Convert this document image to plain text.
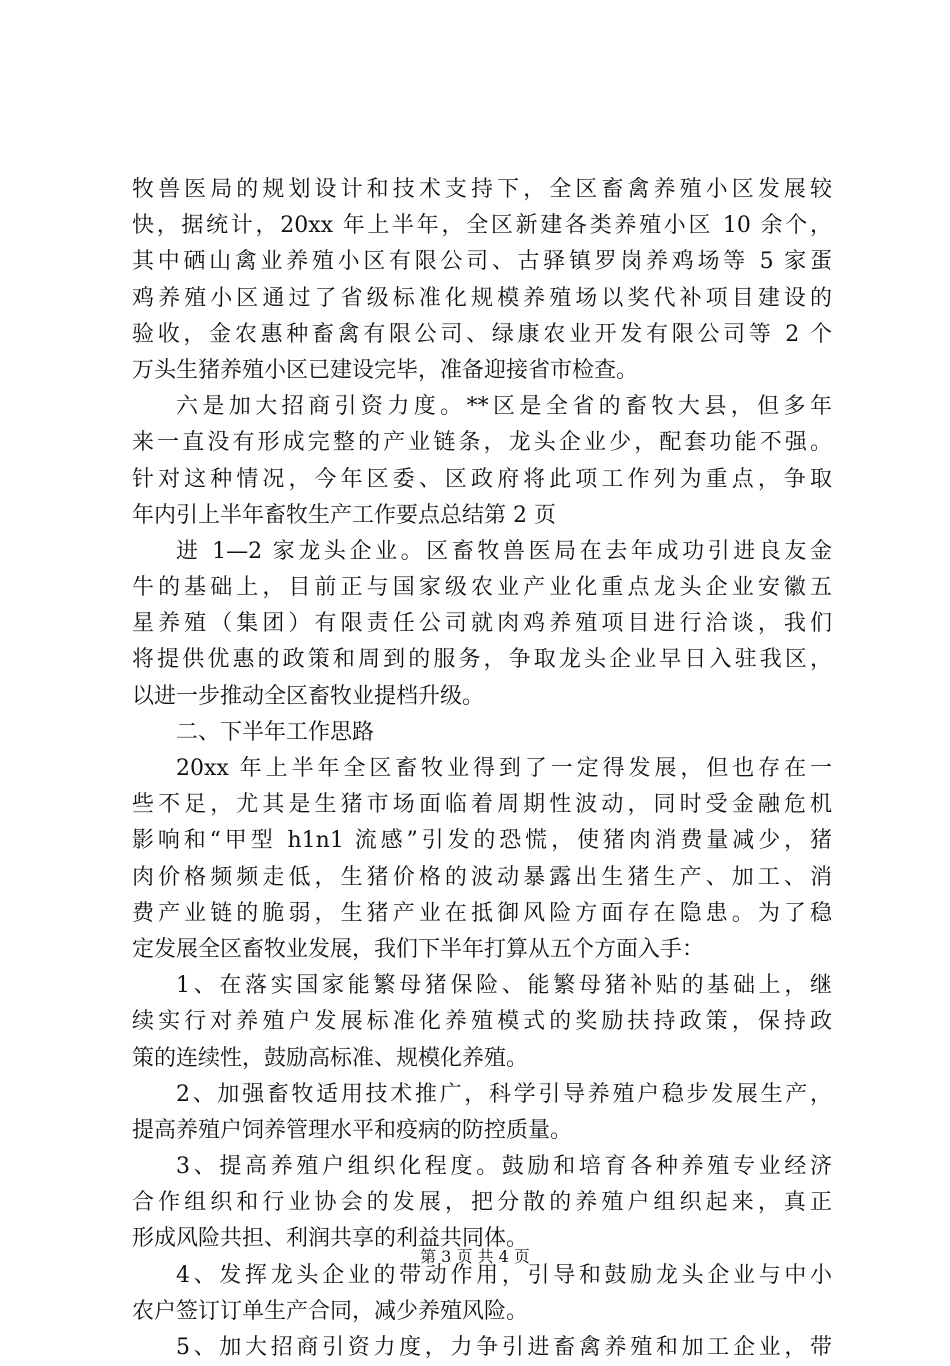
牧兽医局的规划设计和技术支持下，全区畜禽养殖小区发展较
快，据统计，20xx 年上半年，全区新建各类养殖小区 10 余个，
其中硒山禽业养殖小区有限公司、古驿镇罗岗养鸡场等 5 家蛋
鸡养殖小区通过了省级标准化规模养殖场以奖代补项目建设的
验收，金农惠种畜禽有限公司、绿康农业开发有限公司等 2 个
万头生猪养殖小区已建设完毕，准备迎接省市检查。
六是加大招商引资力度。**区是全省的畜牧大县，但多年
来一直没有形成完整的产业链条，龙头企业少，配套功能不强。
针对这种情况，今年区委、区政府将此项工作列为重点，争取
年内引上半年畜牧生产工作要点总结第 2 页
进 1—2 家龙头企业。区畜牧兽医局在去年成功引进良友金
牛的基础上，目前正与国家级农业产业化重点龙头企业安徽五
星养殖（集团）有限责任公司就肉鸡养殖项目进行洽谈，我们
将提供优惠的政策和周到的服务，争取龙头企业早日入驻我区，
以进一步推动全区畜牧业提档升级。
二、下半年工作思路
20xx 年上半年全区畜牧业得到了一定得发展，但也存在一
些不足，尤其是生猪市场面临着周期性波动，同时受金融危机
影响和“甲型 h1n1 流感”引发的恐慌，使猪肉消费量减少，猪
肉价格频频走低，生猪价格的波动暴露出生猪生产、加工、消
费产业链的脆弱，生猪产业在抵御风险方面存在隐患。为了稳
定发展全区畜牧业发展，我们下半年打算从五个方面入手：
1、在落实国家能繁母猪保险、能繁母猪补贴的基础上，继
续实行对养殖户发展标准化养殖模式的奖励扶持政策，保持政
策的连续性，鼓励高标准、规模化养殖。
2、加强畜牧适用技术推广，科学引导养殖户稳步发展生产，
提高养殖户饲养管理水平和疫病的防控质量。
3、提高养殖户组织化程度。鼓励和培育各种养殖专业经济
合作组织和行业协会的发展，把分散的养殖户组织起来，真正
形成风险共担、利润共享的利益共同体。
4、发挥龙头企业的带动作用，引导和鼓励龙头企业与中小
农户签订订单生产合同，减少养殖风险。
5、加大招商引资力度，力争引进畜禽养殖和加工企业，带
第 3 页 共 4 页
